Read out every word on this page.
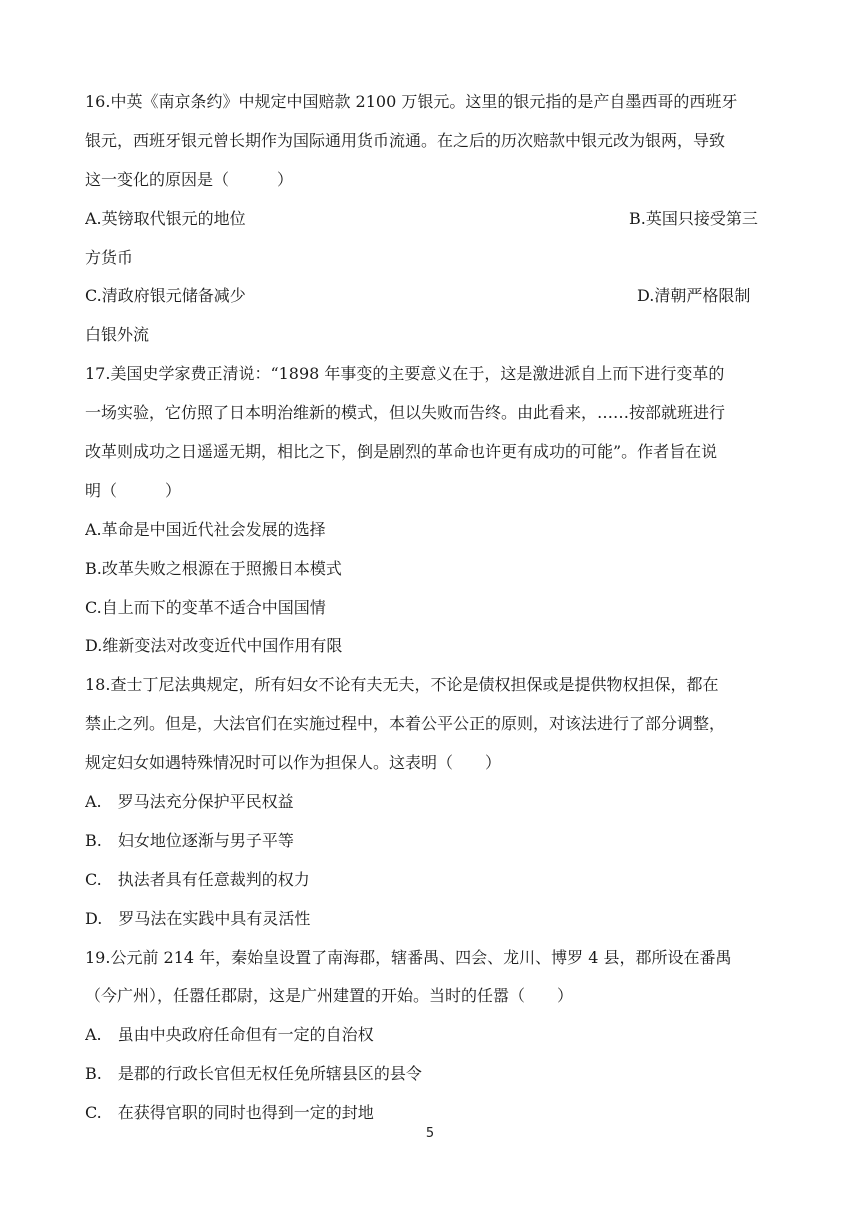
16.中英《南京条约》中规定中国赔款 2100 万银元。这里的银元指的是产自墨西哥的西班牙
银元，西班牙银元曾长期作为国际通用货币流通。在之后的历次赔款中银元改为银两，导致
这一变化的原因是（　　　）
A.英镑取代银元的地位	B.英国只接受第三
方货币
C.清政府银元储备减少	D.清朝严格限制
白银外流
17.美国史学家费正清说：“1898 年事变的主要意义在于，这是激进派自上而下进行变革的
一场实验，它仿照了日本明治维新的模式，但以失败而告终。由此看来，……按部就班进行
改革则成功之日遥遥无期，相比之下，倒是剧烈的革命也许更有成功的可能”。作者旨在说
明（　　　）
A.革命是中国近代社会发展的选择
B.改革失败之根源在于照搬日本模式
C.自上而下的变革不适合中国国情
D.维新变法对改变近代中国作用有限
18.查士丁尼法典规定，所有妇女不论有夫无夫，不论是债权担保或是提供物权担保，都在
禁止之列。但是，大法官们在实施过程中，本着公平公正的原则，对该法进行了部分调整，
规定妇女如遇特殊情况时可以作为担保人。这表明（　　）
A.　罗马法充分保护平民权益
B.　妇女地位逐渐与男子平等
C.　执法者具有任意裁判的权力
D.　罗马法在实践中具有灵活性
19.公元前 214 年，秦始皇设置了南海郡，辖番禺、四会、龙川、博罗 4 县，郡所设在番禺
（今广州），任嚣任郡尉，这是广州建置的开始。当时的任嚣（　　）
A.　虽由中央政府任命但有一定的自治权
B.　是郡的行政长官但无权任免所辖县区的县令
C.　在获得官职的同时也得到一定的封地
5
